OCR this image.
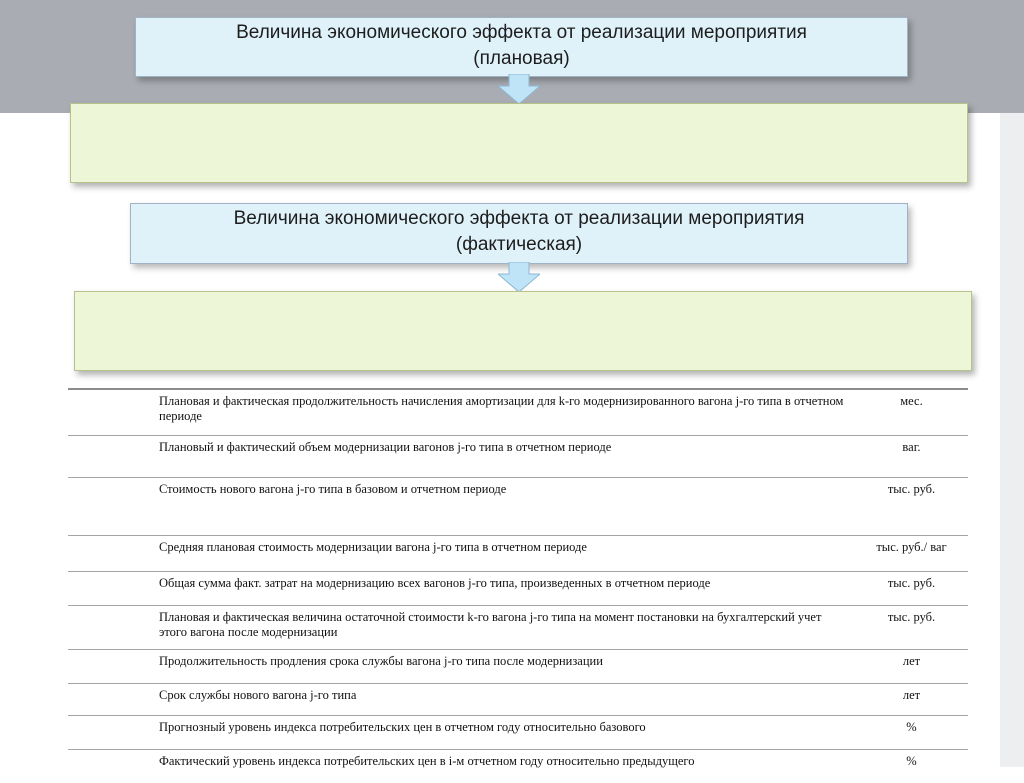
Величина экономического эффекта от реализации мероприятия
(плановая)
Величина экономического эффекта от реализации мероприятия
(фактическая)
	Плановая и фактическая продолжительность начисления амортизации для k-го модернизированного вагона j-го типа в отчетном периоде	мес.
	Плановый и фактический объем модернизации вагонов j-го типа в отчетном периоде	ваг.
	Стоимость нового вагона j-го типа в базовом и отчетном периоде	тыс. руб.
	Средняя плановая стоимость модернизации вагона j-го типа в отчетном периоде	тыс. руб./ ваг
	Общая сумма факт. затрат на модернизацию всех вагонов j-го типа, произведенных в отчетном периоде	тыс. руб.
	Плановая и фактическая величина остаточной стоимости k-го вагона j-го типа на момент постановки на бухгалтерский учет этого вагона после модернизации	тыс. руб.
	Продолжительность продления срока службы вагона j-го типа после модернизации	лет
	Срок службы нового вагона j-го типа	лет
	Прогнозный уровень индекса потребительских цен в отчетном году относительно базового	%
	Фактический уровень индекса потребительских цен в i-м отчетном году относительно предыдущего	%
